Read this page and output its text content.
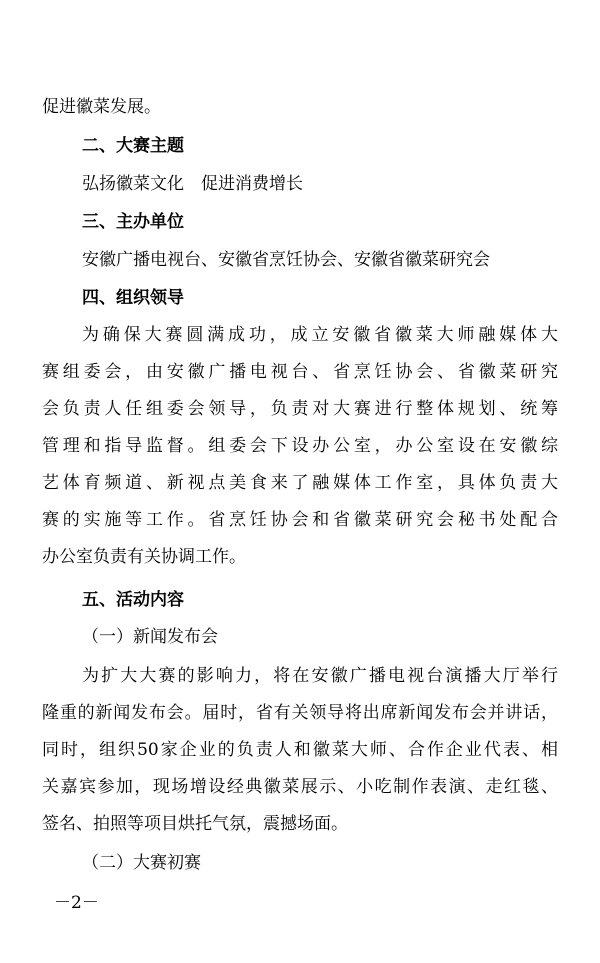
促进徽菜发展。
二、大赛主题
弘扬徽菜文化　促进消费增长
三、主办单位
安徽广播电视台、安徽省烹饪协会、安徽省徽菜研究会
四、组织领导
为确保大赛圆满成功，成立安徽省徽菜大师融媒体大
赛组委会，由安徽广播电视台、省烹饪协会、省徽菜研究
会负责人任组委会领导，负责对大赛进行整体规划、统筹
管理和指导监督。组委会下设办公室，办公室设在安徽综
艺体育频道、新视点美食来了融媒体工作室，具体负责大
赛的实施等工作。省烹饪协会和省徽菜研究会秘书处配合
办公室负责有关协调工作。
五、活动内容
（一）新闻发布会
为扩大大赛的影响力，将在安徽广播电视台演播大厅举行
隆重的新闻发布会。届时，省有关领导将出席新闻发布会并讲话，
同时，组织50家企业的负责人和徽菜大师、合作企业代表、相
关嘉宾参加，现场增设经典徽菜展示、小吃制作表演、走红毯、
签名、拍照等项目烘托气氛，震撼场面。
（二）大赛初赛
－2－
